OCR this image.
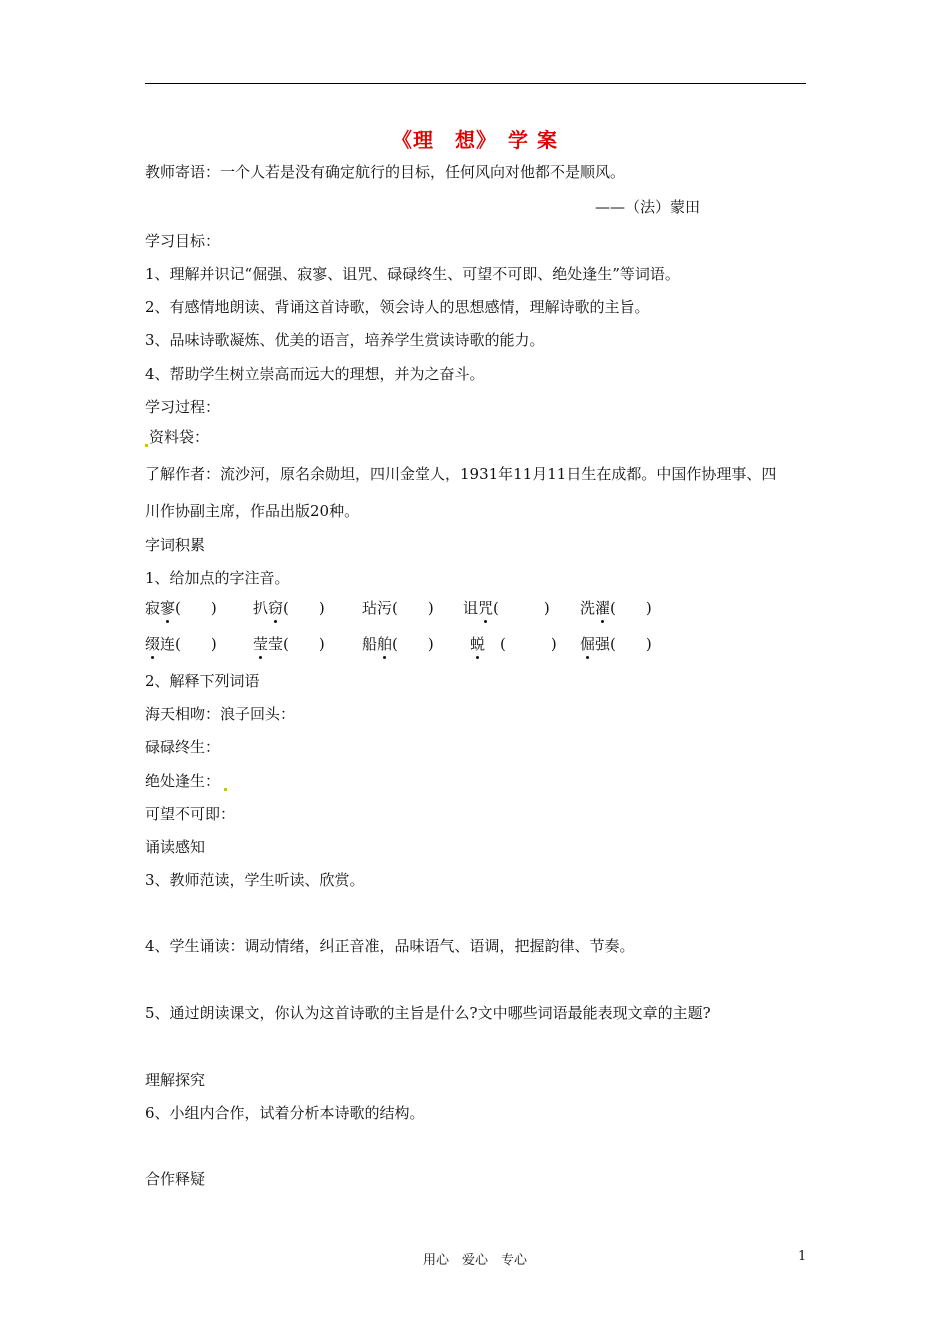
《理　想》　学 案
教师寄语：一个人若是没有确定航行的目标，任何风向对他都不是顺风。
——（法）蒙田
学习目标：
1、理解并识记“倔强、寂寥、诅咒、碌碌终生、可望不可即、绝处逢生”等词语。
2、有感情地朗读、背诵这首诗歌，领会诗人的思想感情，理解诗歌的主旨。
3、品味诗歌凝炼、优美的语言，培养学生赏读诗歌的能力。
4、帮助学生树立崇高而远大的理想，并为之奋斗。
学习过程：
资料袋：
了解作者：流沙河，原名余勋坦，四川金堂人，1931年11月11日生在成都。中国作协理事、四
川作协副主席，作品出版20种。
字词积累
1、给加点的字注音。
寂寥(　　) 扒窃(　　) 玷污(　　) 诅咒(　　　) 洗濯(　　)
缀连(　　) 莹莹(　　) 船舶(　　) 蜕　(　　　) 倔强(　　)
2、解释下列词语
海天相吻：浪子回头：
碌碌终生：
绝处逢生：
可望不可即：
诵读感知
3、教师范读，学生听读、欣赏。
4、学生诵读：调动情绪，纠正音准，品味语气、语调，把握韵律、节奏。
5、通过朗读课文，你认为这首诗歌的主旨是什么?文中哪些词语最能表现文章的主题?
理解探究
6、小组内合作，试着分析本诗歌的结构。
合作释疑
用心　爱心　专心	1
